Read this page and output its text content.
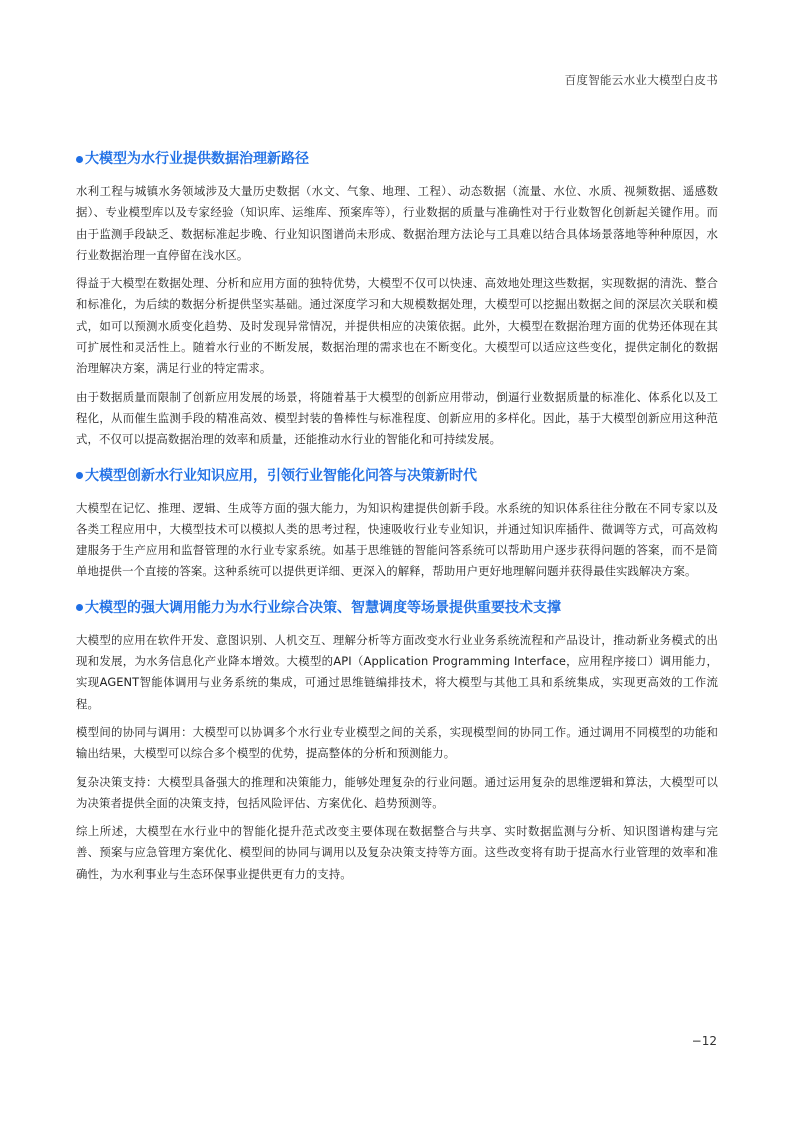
百度智能云水业大模型白皮书
大模型为水行业提供数据治理新路径

水利工程与城镇水务领域涉及大量历史数据（水文、气象、地理、工程）、动态数据（流量、水位、水质、视频数据、遥感数据）、专业模型库以及专家经验（知识库、运维库、预案库等），行业数据的质量与准确性对于行业数智化创新起关键作用。而由于监测手段缺乏、数据标准起步晚、行业知识图谱尚未形成、数据治理方法论与工具难以结合具体场景落地等种种原因，水行业数据治理一直停留在浅水区。

得益于大模型在数据处理、分析和应用方面的独特优势，大模型不仅可以快速、高效地处理这些数据，实现数据的清洗、整合和标准化，为后续的数据分析提供坚实基础。通过深度学习和大规模数据处理，大模型可以挖掘出数据之间的深层次关联和模式，如可以预测水质变化趋势、及时发现异常情况，并提供相应的决策依据。此外，大模型在数据治理方面的优势还体现在其可扩展性和灵活性上。随着水行业的不断发展，数据治理的需求也在不断变化。大模型可以适应这些变化，提供定制化的数据治理解决方案，满足行业的特定需求。

由于数据质量而限制了创新应用发展的场景，将随着基于大模型的创新应用带动，倒逼行业数据质量的标准化、体系化以及工程化，从而催生监测手段的精准高效、模型封装的鲁棒性与标准程度、创新应用的多样化。因此，基于大模型创新应用这种范式，不仅可以提高数据治理的效率和质量，还能推动水行业的智能化和可持续发展。

大模型创新水行业知识应用，引领行业智能化问答与决策新时代

大模型在记忆、推理、逻辑、生成等方面的强大能力，为知识构建提供创新手段。水系统的知识体系往往分散在不同专家以及各类工程应用中，大模型技术可以模拟人类的思考过程，快速吸收行业专业知识，并通过知识库插件、微调等方式，可高效构建服务于生产应用和监督管理的水行业专家系统。如基于思维链的智能问答系统可以帮助用户逐步获得问题的答案，而不是简单地提供一个直接的答案。这种系统可以提供更详细、更深入的解释，帮助用户更好地理解问题并获得最佳实践解决方案。

大模型的强大调用能力为水行业综合决策、智慧调度等场景提供重要技术支撑

大模型的应用在软件开发、意图识别、人机交互、理解分析等方面改变水行业业务系统流程和产品设计，推动新业务模式的出现和发展，为水务信息化产业降本增效。大模型的API（Application Programming Interface，应用程序接口）调用能力，实现AGENT智能体调用与业务系统的集成，可通过思维链编排技术，将大模型与其他工具和系统集成，实现更高效的工作流程。

模型间的协同与调用：大模型可以协调多个水行业专业模型之间的关系，实现模型间的协同工作。通过调用不同模型的功能和输出结果，大模型可以综合多个模型的优势，提高整体的分析和预测能力。

复杂决策支持：大模型具备强大的推理和决策能力，能够处理复杂的行业问题。通过运用复杂的思维逻辑和算法，大模型可以为决策者提供全面的决策支持，包括风险评估、方案优化、趋势预测等。

综上所述，大模型在水行业中的智能化提升范式改变主要体现在数据整合与共享、实时数据监测与分析、知识图谱构建与完善、预案与应急管理方案优化、模型间的协同与调用以及复杂决策支持等方面。这些改变将有助于提高水行业管理的效率和准确性，为水利事业与生态环保事业提供更有力的支持。

−12
